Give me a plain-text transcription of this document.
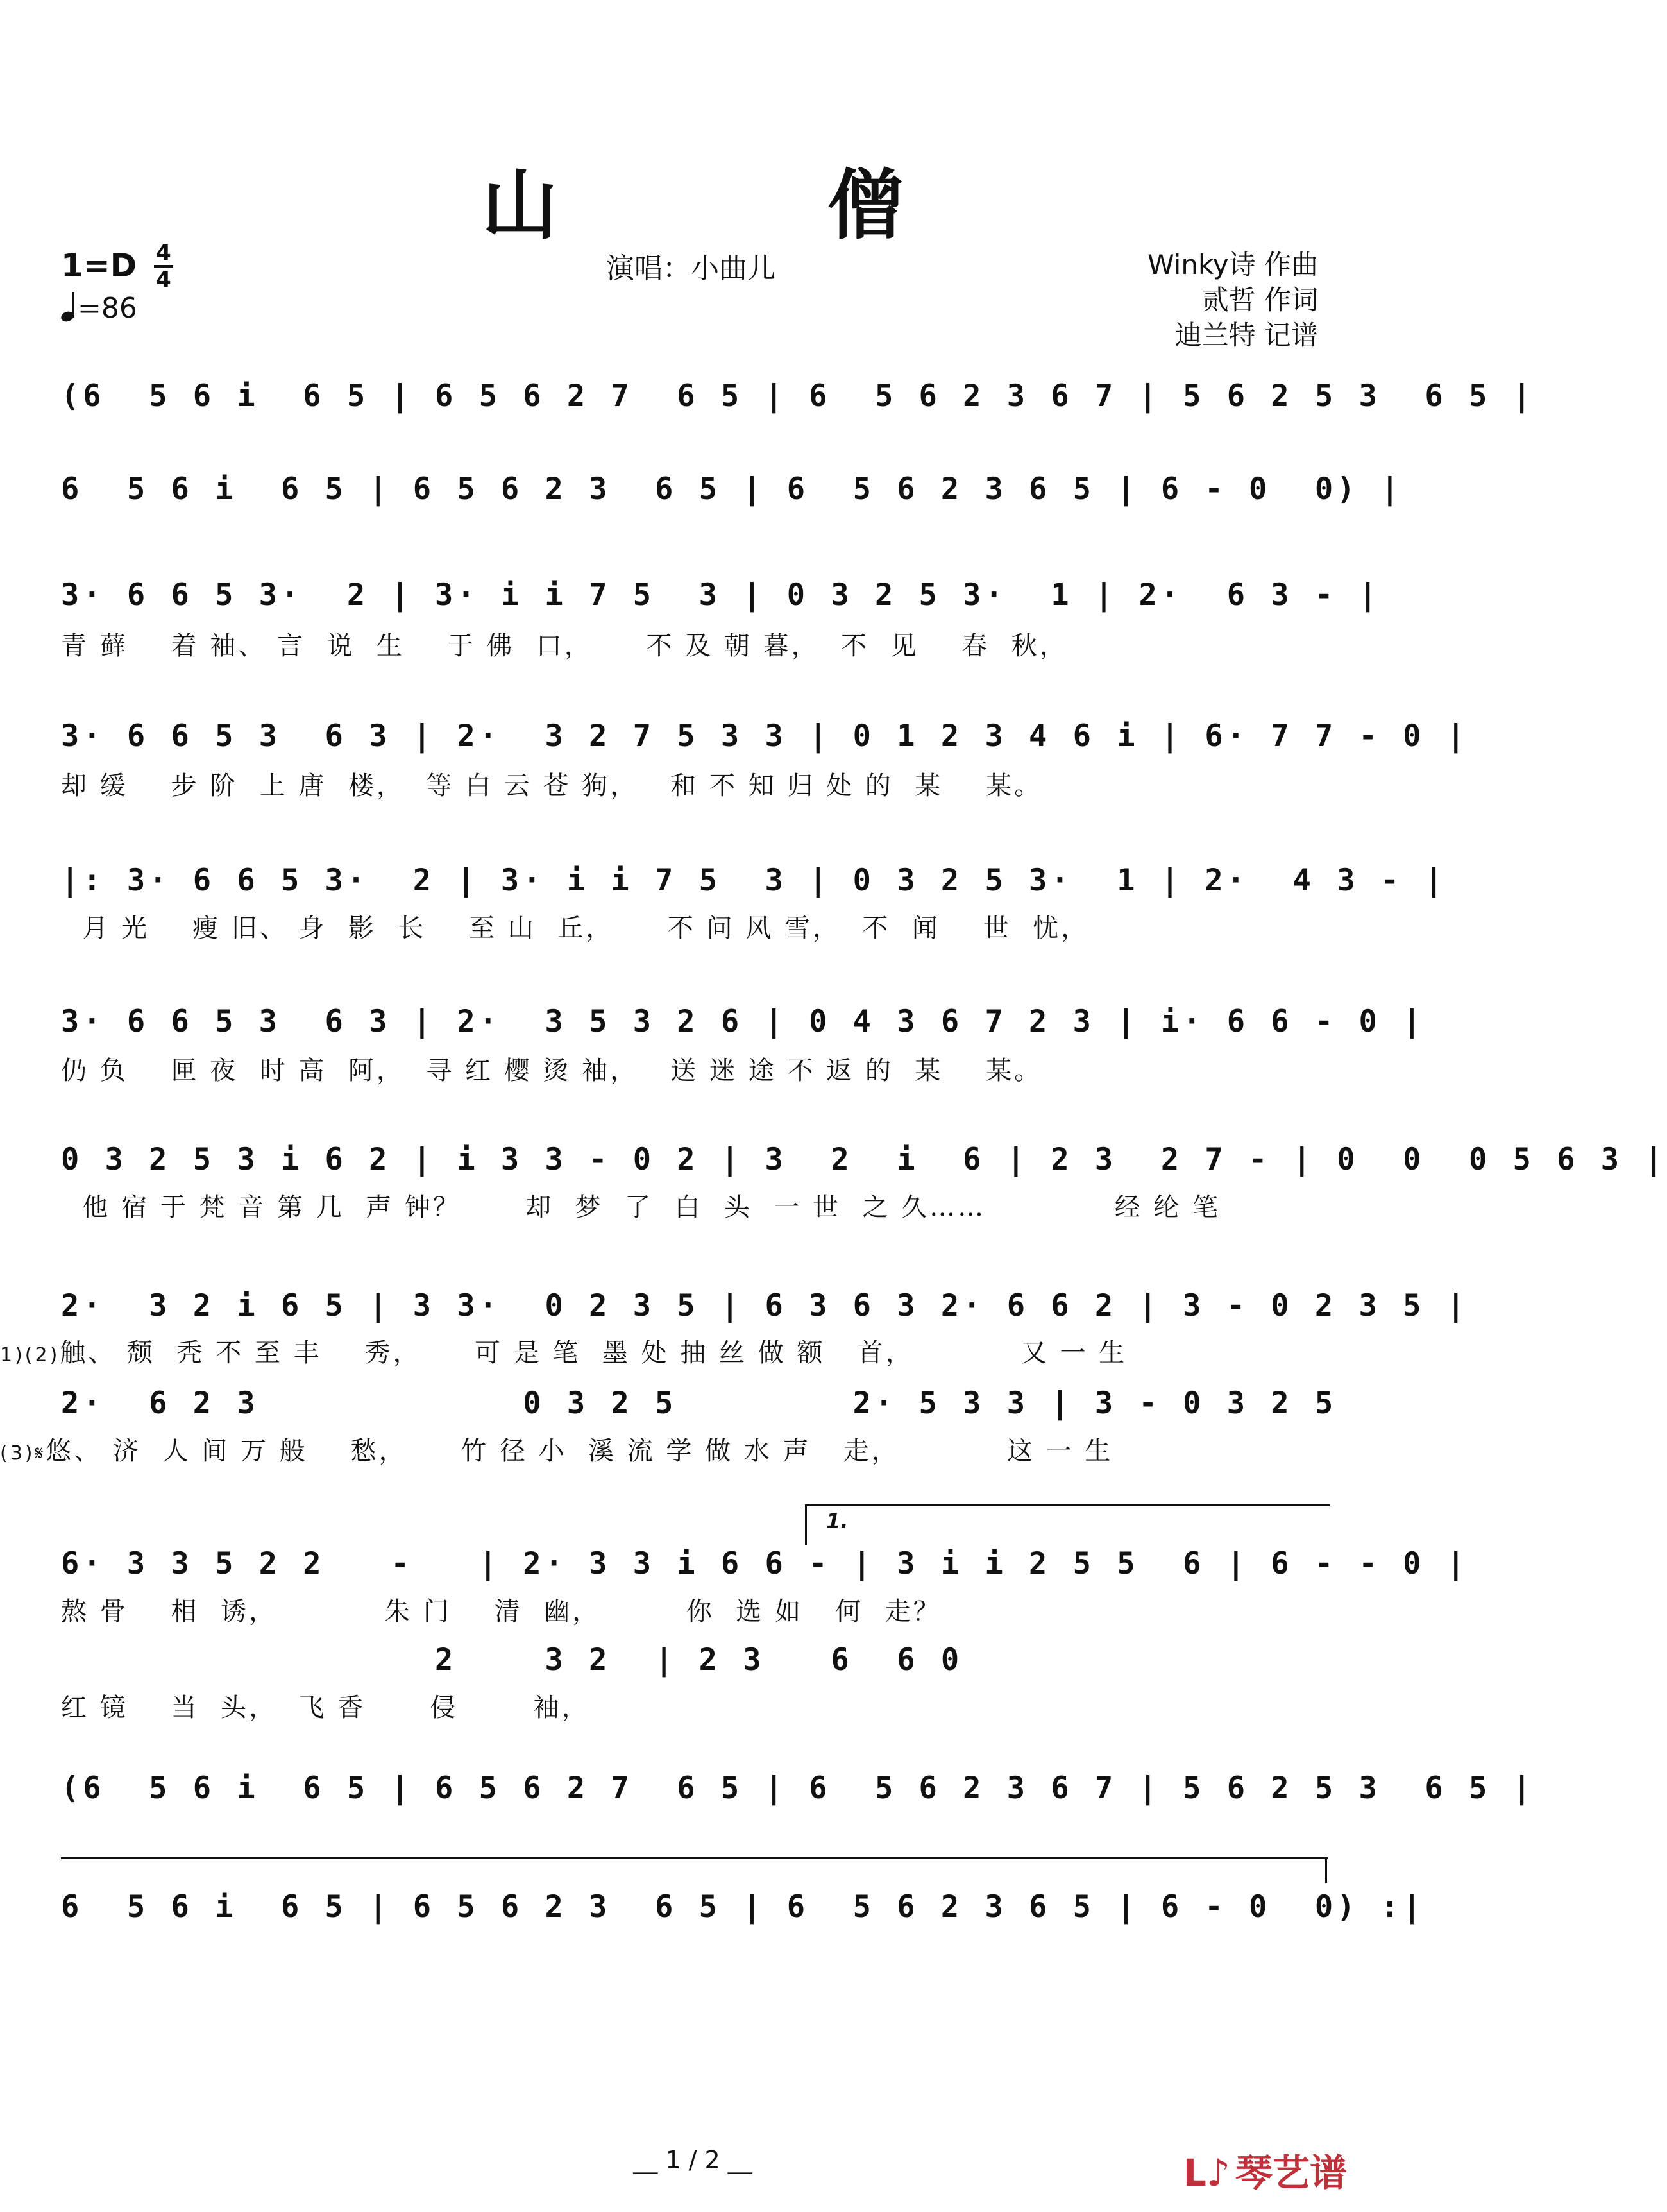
山 僧
1=D 4
4
=86
演唱：小曲儿	Winky诗 作曲
贰哲 作词
迪兰特 记谱
(6  5 6 i  6 5 | 6 5 6 2 7  6 5 | 6  5 6 2 3 6 7 | 5 6 2 5 3  6 5 |
6  5 6 i  6 5 | 6 5 6 2 3  6 5 | 6  5 6 2 3 6 5 | 6 - 0  0) |
3· 6 6 5 3·  2 | 3· i i 7 5  3 | 0 3 2 5 3·  1 | 2·  6 3 - |
青 藓    着 袖、 言  说  生    于 佛  口，     不 及 朝 暮，  不  见    春  秋，
3· 6 6 5 3  6 3 | 2·  3 2 7 5 3 3 | 0 1 2 3 4 6 i | 6· 7 7 - 0 |
却 缓    步 阶  上 唐  楼，  等 白 云 苍 狗，   和 不 知 归 处 的  某    某。
|: 3· 6 6 5 3·  2 | 3· i i 7 5  3 | 0 3 2 5 3·  1 | 2·  4 3 - |
月 光    瘦 旧、 身  影  长    至 山  丘，     不 问 风 雪，  不  闻    世  忧，
3· 6 6 5 3  6 3 | 2·  3 5 3 2 6 | 0 4 3 6 7 2 3 | i· 6 6 - 0 |
仍 负    匣 夜  时 高  阿，  寻 红 樱 烫 袖，   送 迷 途 不 返 的  某    某。
0 3 2 5 3 i 6 2 | i 3 3 - 0 2 | 3  2  i  6 | 2 3  2 7 - | 0  0  0 5 6 3 |
他 宿 于 梵 音 第 几  声 钟？      却  梦  了  白  头  一 世  之 久……            经 纶 笔
2·  3 2 i 6 5 | 3 3·  0 2 3 5 | 6 3 6 3 2· 6 6 2 | 3 - 0 2 3 5 |
1)(2)触、 颓  秃 不 至 丰    秀，     可 是 笔  墨 处 抽 丝 做 额   首，          又 一 生
2·  6 2 3            0 3 2 5        2· 5 3 3 | 3 - 0 3 2 5
(3)𝄋悠、 济  人 间 万 般    愁，     竹 径 小  溪 流 学 做 水 声   走，          这 一 生
1.
6· 3 3 5 2 2   -   | 2· 3 3 i 6 6 - | 3 i i 2 5 5  6 | 6 - - 0 |
熬 骨    相  诱，          朱 门    清  幽，        你  选 如   何  走？
2    3 2  | 2 3   6  6 0
红 镜    当  头，  飞 香      侵       袖，
(6  5 6 i  6 5 | 6 5 6 2 7  6 5 | 6  5 6 2 3 6 7 | 5 6 2 5 3  6 5 |
6  5 6 i  6 5 | 6 5 6 2 3  6 5 | 6  5 6 2 3 6 5 | 6 - 0  0) :|
__ 1 / 2 __	ᒪ♪ 琴艺谱
